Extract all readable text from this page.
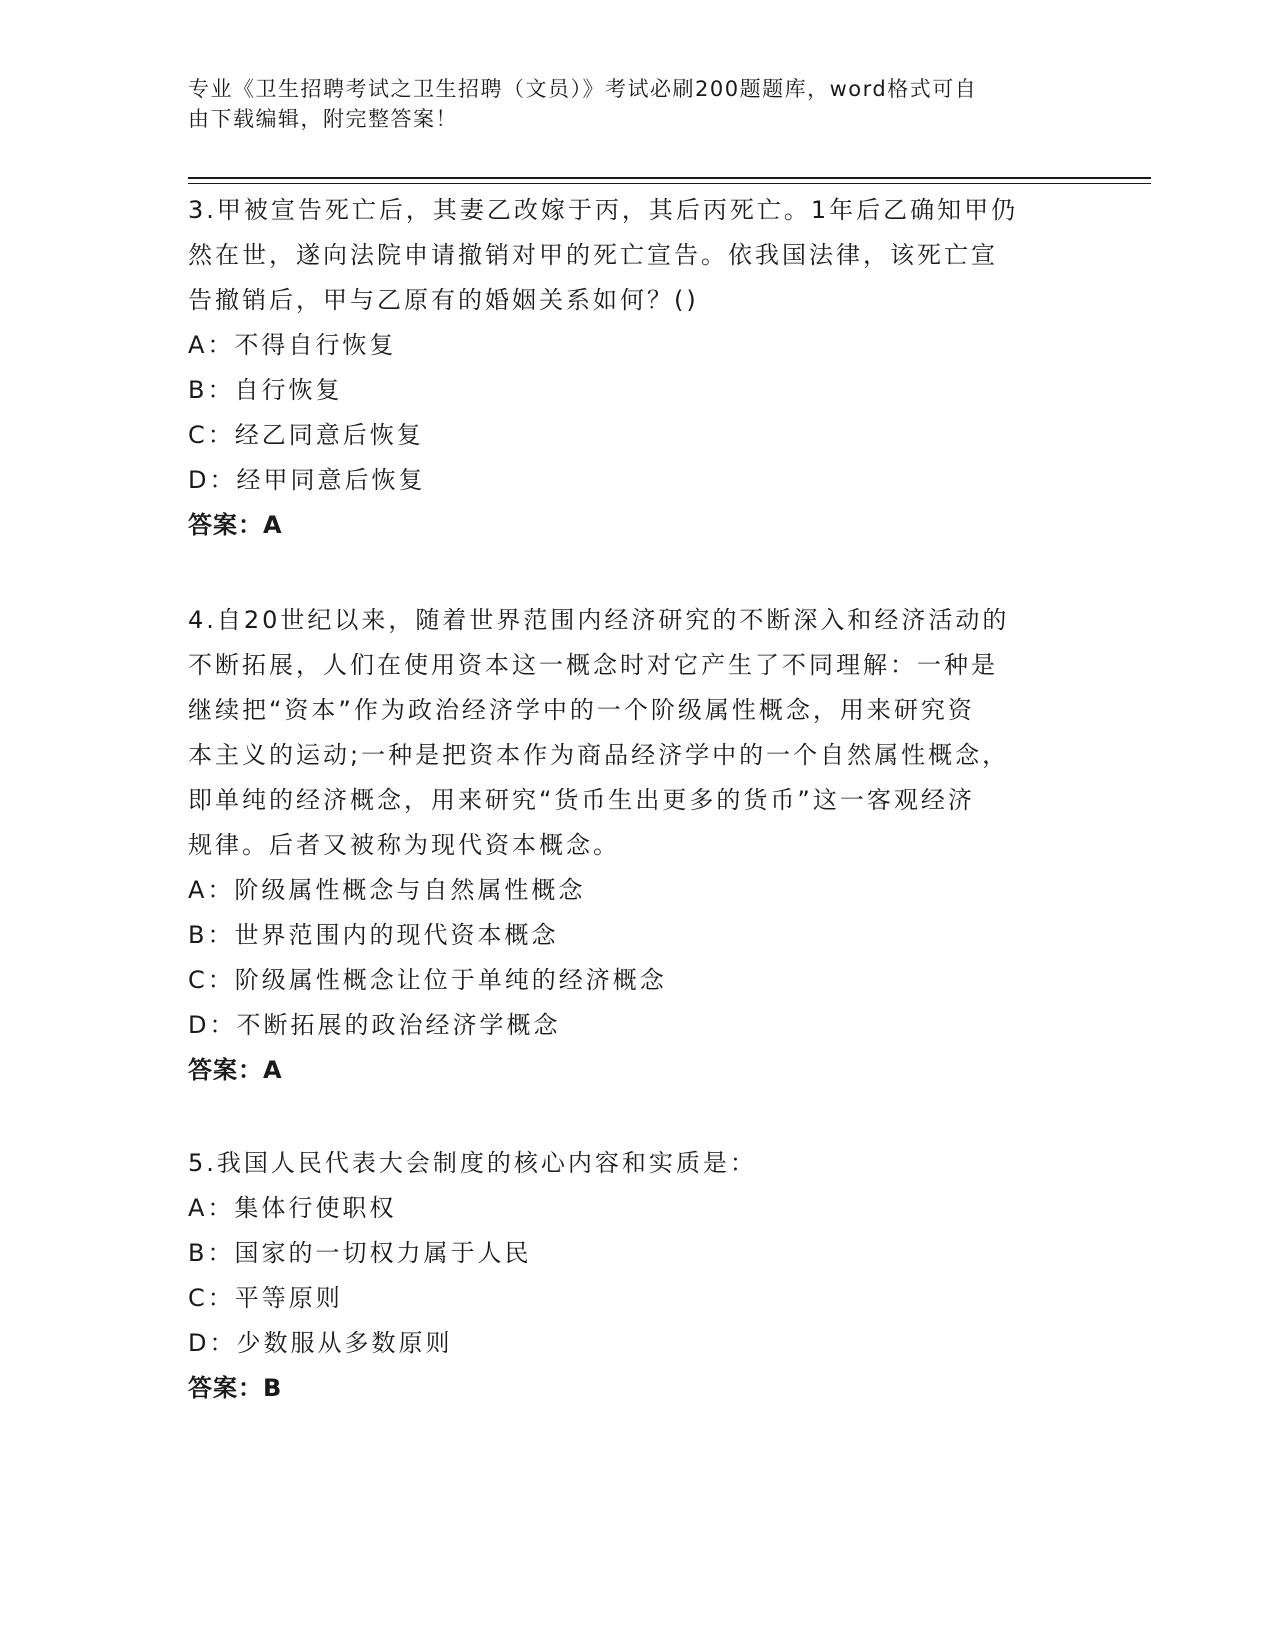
专业《卫生招聘考试之卫生招聘（文员）》考试必刷200题题库，word格式可自
由下载编辑，附完整答案！

3.甲被宣告死亡后，其妻乙改嫁于丙，其后丙死亡。1年后乙确知甲仍

然在世，遂向法院申请撤销对甲的死亡宣告。依我国法律，该死亡宣

告撤销后，甲与乙原有的婚姻关系如何？()

A：不得自行恢复

B：自行恢复

C：经乙同意后恢复

D：经甲同意后恢复

答案：A

4.自20世纪以来，随着世界范围内经济研究的不断深入和经济活动的

不断拓展，人们在使用资本这一概念时对它产生了不同理解：一种是

继续把“资本”作为政治经济学中的一个阶级属性概念，用来研究资

本主义的运动;一种是把资本作为商品经济学中的一个自然属性概念，

即单纯的经济概念，用来研究“货币生出更多的货币”这一客观经济

规律。后者又被称为现代资本概念。

A：阶级属性概念与自然属性概念

B：世界范围内的现代资本概念

C：阶级属性概念让位于单纯的经济概念

D：不断拓展的政治经济学概念

答案：A

5.我国人民代表大会制度的核心内容和实质是：

A：集体行使职权

B：国家的一切权力属于人民

C：平等原则

D：少数服从多数原则

答案：B
